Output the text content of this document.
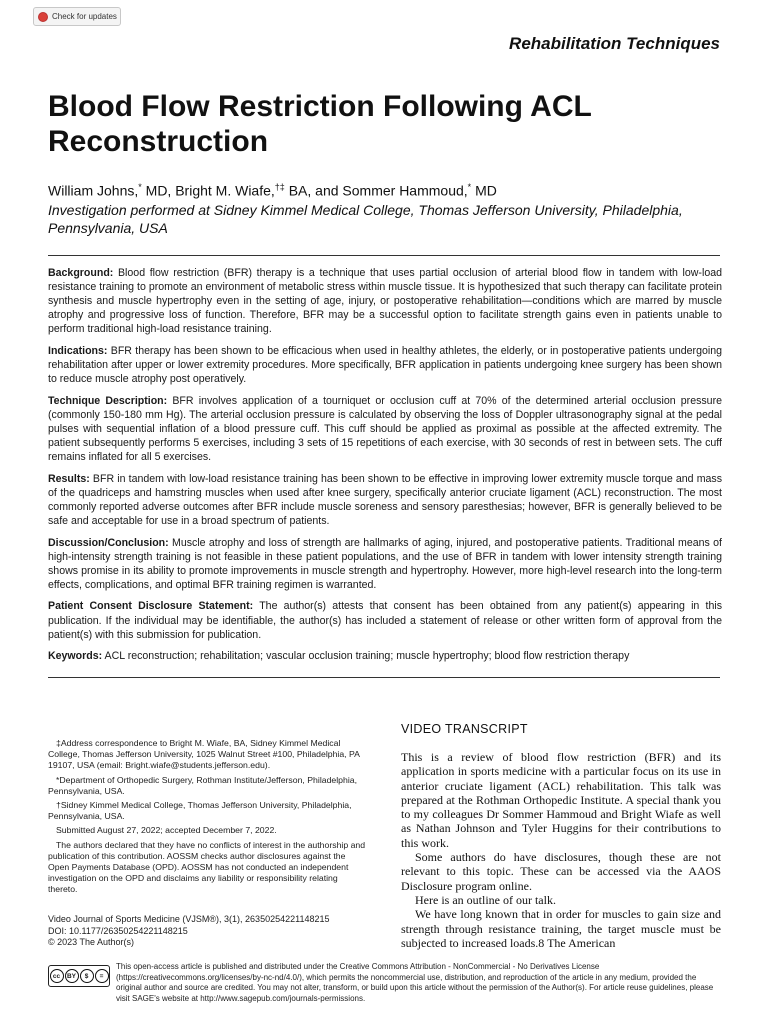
Check for updates
Rehabilitation Techniques
Blood Flow Restriction Following ACL Reconstruction
William Johns,* MD, Bright M. Wiafe,†‡ BA, and Sommer Hammoud,* MD
Investigation performed at Sidney Kimmel Medical College, Thomas Jefferson University, Philadelphia, Pennsylvania, USA

Background: Blood flow restriction (BFR) therapy is a technique that uses partial occlusion of arterial blood flow in tandem with low-load resistance training to promote an environment of metabolic stress within muscle tissue. It is hypothesized that such therapy can facilitate protein synthesis and muscle hypertrophy even in the setting of age, injury, or postoperative rehabilitation—conditions which are marred by muscle atrophy and progressive loss of function. Therefore, BFR may be a successful option to facilitate strength gains even in patients unable to perform traditional high-load resistance training.

Indications: BFR therapy has been shown to be efficacious when used in healthy athletes, the elderly, or in postoperative patients undergoing rehabilitation after upper or lower extremity procedures. More specifically, BFR application in patients undergoing knee surgery has been shown to reduce muscle atrophy post operatively.

Technique Description: BFR involves application of a tourniquet or occlusion cuff at 70% of the determined arterial occlusion pressure (commonly 150-180 mm Hg). The arterial occlusion pressure is calculated by observing the loss of Doppler ultrasonography signal at the pedal pulses with sequential inflation of a blood pressure cuff. This cuff should be applied as proximal as possible at the affected extremity. The patient subsequently performs 5 exercises, including 3 sets of 15 repetitions of each exercise, with 30 seconds of rest in between sets. The cuff remains inflated for all 5 exercises.

Results: BFR in tandem with low-load resistance training has been shown to be effective in improving lower extremity muscle torque and mass of the quadriceps and hamstring muscles when used after knee surgery, specifically anterior cruciate ligament (ACL) reconstruction. The most commonly reported adverse outcomes after BFR include muscle soreness and sensory paresthesias; however, BFR is generally believed to be safe and acceptable for use in a broad spectrum of patients.

Discussion/Conclusion: Muscle atrophy and loss of strength are hallmarks of aging, injured, and postoperative patients. Traditional means of high-intensity strength training is not feasible in these patient populations, and the use of BFR in tandem with lower intensity strength training shows promise in its ability to promote improvements in muscle strength and hypertrophy. However, more high-level research into the long-term effects, complications, and optimal BFR training regimen is warranted.

Patient Consent Disclosure Statement: The author(s) attests that consent has been obtained from any patient(s) appearing in this publication. If the individual may be identifiable, the author(s) has included a statement of release or other written form of approval from the patient(s) with this submission for publication.

Keywords: ACL reconstruction; rehabilitation; vascular occlusion training; muscle hypertrophy; blood flow restriction therapy

‡Address correspondence to Bright M. Wiafe, BA, Sidney Kimmel Medical College, Thomas Jefferson University, 1025 Walnut Street #100, Philadelphia, PA 19107, USA (email: Bright.wiafe@students.jefferson.edu).

*Department of Orthopedic Surgery, Rothman Institute/Jefferson, Philadelphia, Pennsylvania, USA.

†Sidney Kimmel Medical College, Thomas Jefferson University, Philadelphia, Pennsylvania, USA.

Submitted August 27, 2022; accepted December 7, 2022.

The authors declared that they have no conflicts of interest in the authorship and publication of this contribution. AOSSM checks author disclosures against the Open Payments Database (OPD). AOSSM has not conducted an independent investigation on the OPD and disclaims any liability or responsibility relating thereto.

Video Journal of Sports Medicine (VJSM®), 3(1), 26350254221148215
DOI: 10.1177/26350254221148215
© 2023 The Author(s)
VIDEO TRANSCRIPT

This is a review of blood flow restriction (BFR) and its application in sports medicine with a particular focus on its use in anterior cruciate ligament (ACL) rehabilitation. This talk was prepared at the Rothman Orthopedic Institute. A special thank you to my colleagues Dr Sommer Hammoud and Bright Wiafe as well as Nathan Johnson and Tyler Huggins for their contributions to this work.

Some authors do have disclosures, though these are not relevant to this topic. These can be accessed via the AAOS Disclosure program online.

Here is an outline of our talk.

We have long known that in order for muscles to gain size and strength through resistance training, the target muscle must be subjected to increased loads.8 The American

cc	BY	$	=
This open-access article is published and distributed under the Creative Commons Attribution - NonCommercial - No Derivatives License (https://creativecommons.org/licenses/by-nc-nd/4.0/), which permits the noncommercial use, distribution, and reproduction of the article in any medium, provided the original author and source are credited. You may not alter, transform, or build upon this article without the permission of the Author(s). For article reuse guidelines, please visit SAGE's website at http://www.sagepub.com/journals-permissions.
